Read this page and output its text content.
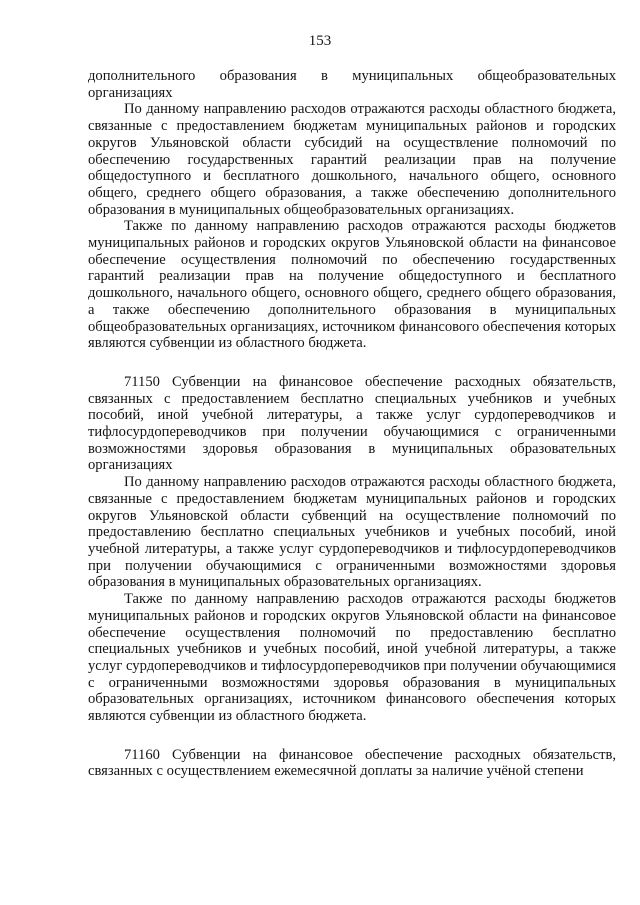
153

дополнительного образования в муниципальных общеобразовательных организациях

По данному направлению расходов отражаются расходы областного бюджета, связанные с предоставлением бюджетам муниципальных районов и городских округов Ульяновской области субсидий на осуществление полномочий по обеспечению государственных гарантий реализации прав на получение общедоступного и бесплатного дошкольного, начального общего, основного общего, среднего общего образования, а также обеспечению дополнительного образования в муниципальных общеобразовательных организациях.

Также по данному направлению расходов отражаются расходы бюджетов муниципальных районов и городских округов Ульяновской области на финансовое обеспечение осуществления полномочий по обеспечению государственных гарантий реализации прав на получение общедоступного и бесплатного дошкольного, начального общего, основного общего, среднего общего образования, а также обеспечению дополнительного образования в муниципальных общеобразовательных организациях, источником финансового обеспечения которых являются субвенции из областного бюджета.

71150 Субвенции на финансовое обеспечение расходных обязательств, связанных с предоставлением бесплатно специальных учебников и учебных пособий, иной учебной литературы, а также услуг сурдопереводчиков и тифлосурдопереводчиков при получении обучающимися с ограниченными возможностями здоровья образования в муниципальных образовательных организациях

По данному направлению расходов отражаются расходы областного бюджета, связанные с предоставлением бюджетам муниципальных районов и городских округов Ульяновской области субвенций на осуществление полномочий по предоставлению бесплатно специальных учебников и учебных пособий, иной учебной литературы, а также услуг сурдопереводчиков и тифлосурдопереводчиков при получении обучающимися с ограниченными возможностями здоровья образования в муниципальных образовательных организациях.

Также по данному направлению расходов отражаются расходы бюджетов муниципальных районов и городских округов Ульяновской области на финансовое обеспечение осуществления полномочий по предоставлению бесплатно специальных учебников и учебных пособий, иной учебной литературы, а также услуг сурдопереводчиков и тифлосурдопереводчиков при получении обучающимися с ограниченными возможностями здоровья образования в муниципальных образовательных организациях, источником финансового обеспечения которых являются субвенции из областного бюджета.

71160 Субвенции на финансовое обеспечение расходных обязательств, связанных с осуществлением ежемесячной доплаты за наличие учёной степени
